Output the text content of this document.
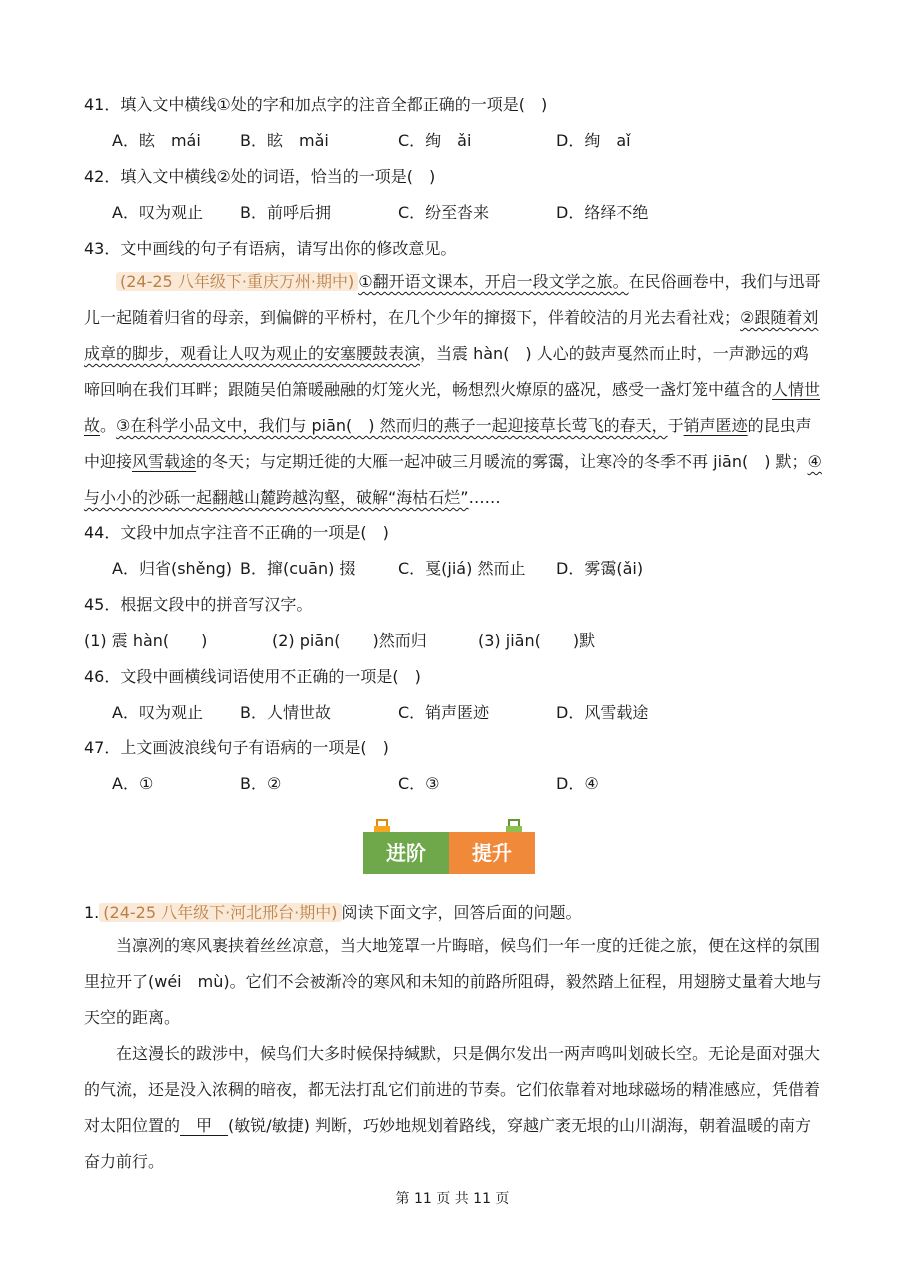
41．填入文中横线①处的字和加点字的注音全都正确的一项是(　)
A．眩　mái B．眩　mǎi	C．绚　ǎi	D．绚　aǐ
42．填入文中横线②处的词语，恰当的一项是(　)
A．叹为观止 B．前呼后拥	C．纷至沓来	D．络绎不绝
43．文中画线的句子有语病，请写出你的修改意见。
(24-25 八年级下·重庆万州·期中) ①翻开语文课本，开启一段文学之旅。在民俗画卷中，我们与迅哥儿一起随着归省的母亲，到偏僻的平桥村，在几个少年的撺掇下，伴着皎洁的月光去看社戏；②跟随着刘成章的脚步，观看让人叹为观止的安塞腰鼓表演，当震 hàn(　) 人心的鼓声戛然而止时，一声渺远的鸡啼回响在我们耳畔；跟随吴伯箫暖融融的灯笼火光，畅想烈火燎原的盛况，感受一盏灯笼中蕴含的人情世故。③在科学小品文中，我们与 piān(　) 然而归的燕子一起迎接草长莺飞的春天，于销声匿迹的昆虫声中迎接风雪载途的冬天；与定期迁徙的大雁一起冲破三月暖流的雾霭，让寒冷的冬季不再 jiān(　) 默；④与小小的沙砾一起翻越山麓跨越沟壑，破解“海枯石烂”……
44．文段中加点字注音不正确的一项是(　)
A．归省(shěng) B．撺(cuān) 掇	C．戛(jiá) 然而止 D．雾霭(ǎi)
45．根据文段中的拼音写汉字。
(1) 震 hàn(　　)	(2) piān(　　)然而归	(3) jiān(　　)默
46．文段中画横线词语使用不正确的一项是(　)
A．叹为观止 B．人情世故	C．销声匿迹	D．风雪载途
47．上文画波浪线句子有语病的一项是(　)
A．①	B．②	C．③	D．④
进阶	提升
1. (24-25 八年级下·河北邢台·期中) 阅读下面文字，回答后面的问题。
当凛冽的寒风裹挟着丝丝凉意，当大地笼罩一片晦暗，候鸟们一年一度的迁徙之旅，便在这样的氛围里拉开了(wéi　mù)。它们不会被渐冷的寒风和未知的前路所阻碍，毅然踏上征程，用翅膀丈量着大地与天空的距离。
在这漫长的跋涉中，候鸟们大多时候保持缄默，只是偶尔发出一两声鸣叫划破长空。无论是面对强大的气流，还是没入浓稠的暗夜，都无法打乱它们前进的节奏。它们依靠着对地球磁场的精准感应，凭借着对太阳位置的　甲　(敏锐/敏捷) 判断，巧妙地规划着路线，穿越广袤无垠的山川湖海，朝着温暖的南方奋力前行。
第 11 页 共 11 页
